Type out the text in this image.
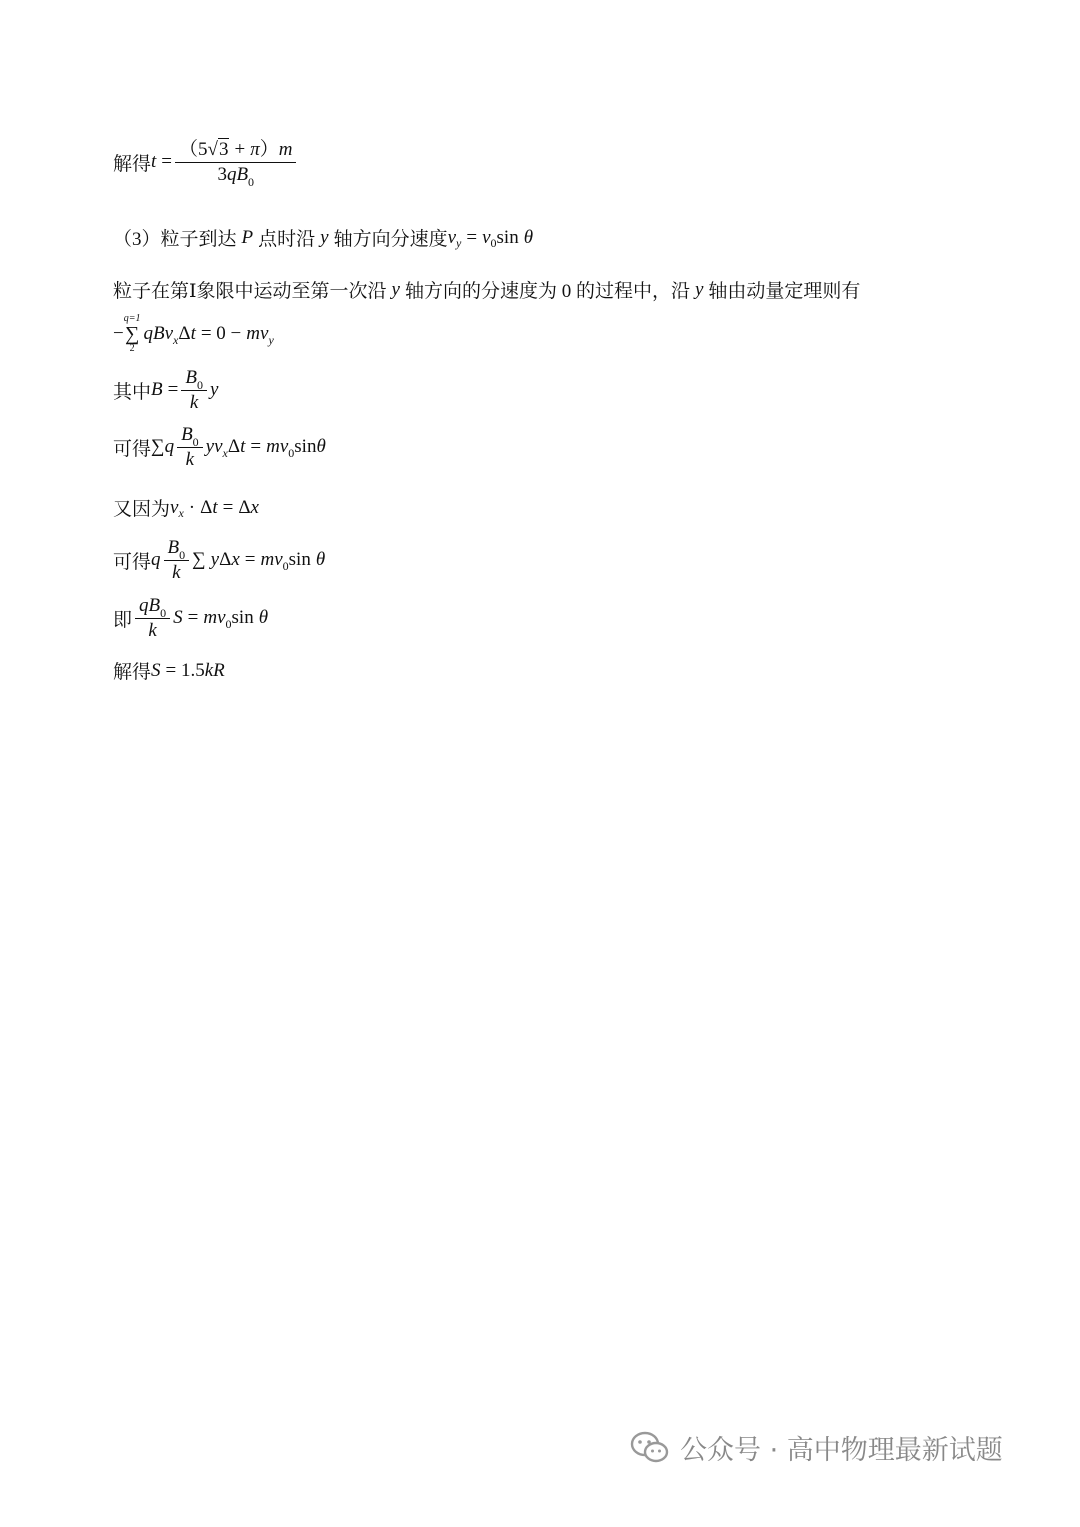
解得 $t = \frac{(5√3 + \pi)m}{3qB_0}$
（3）粒子到达 P 点时沿 y 轴方向分速度 v y = v 0 sin θ
粒子在第Ⅰ象限中运动至第一次沿 y 轴方向的分速度为 0 的过程中，沿 y 轴由动量定理则有
−
q=1
∑
2
q B v x Δ t = 0 − m v y
其中 $B = \frac{B_0}{k}$ y
可得 ∑ q $\frac{B_0}{k}$ y v x Δ t = m v 0 sin θ
又因为 v x · Δ t = Δ x
可得 q $\frac{B_0}{k}$ ∑ y Δ x = m v 0 sin θ
即 $\frac{qB_0}{k}$ S = m v 0 sin θ
解得 S = 1.5 k R
公众号 · 高中物理最新试题
